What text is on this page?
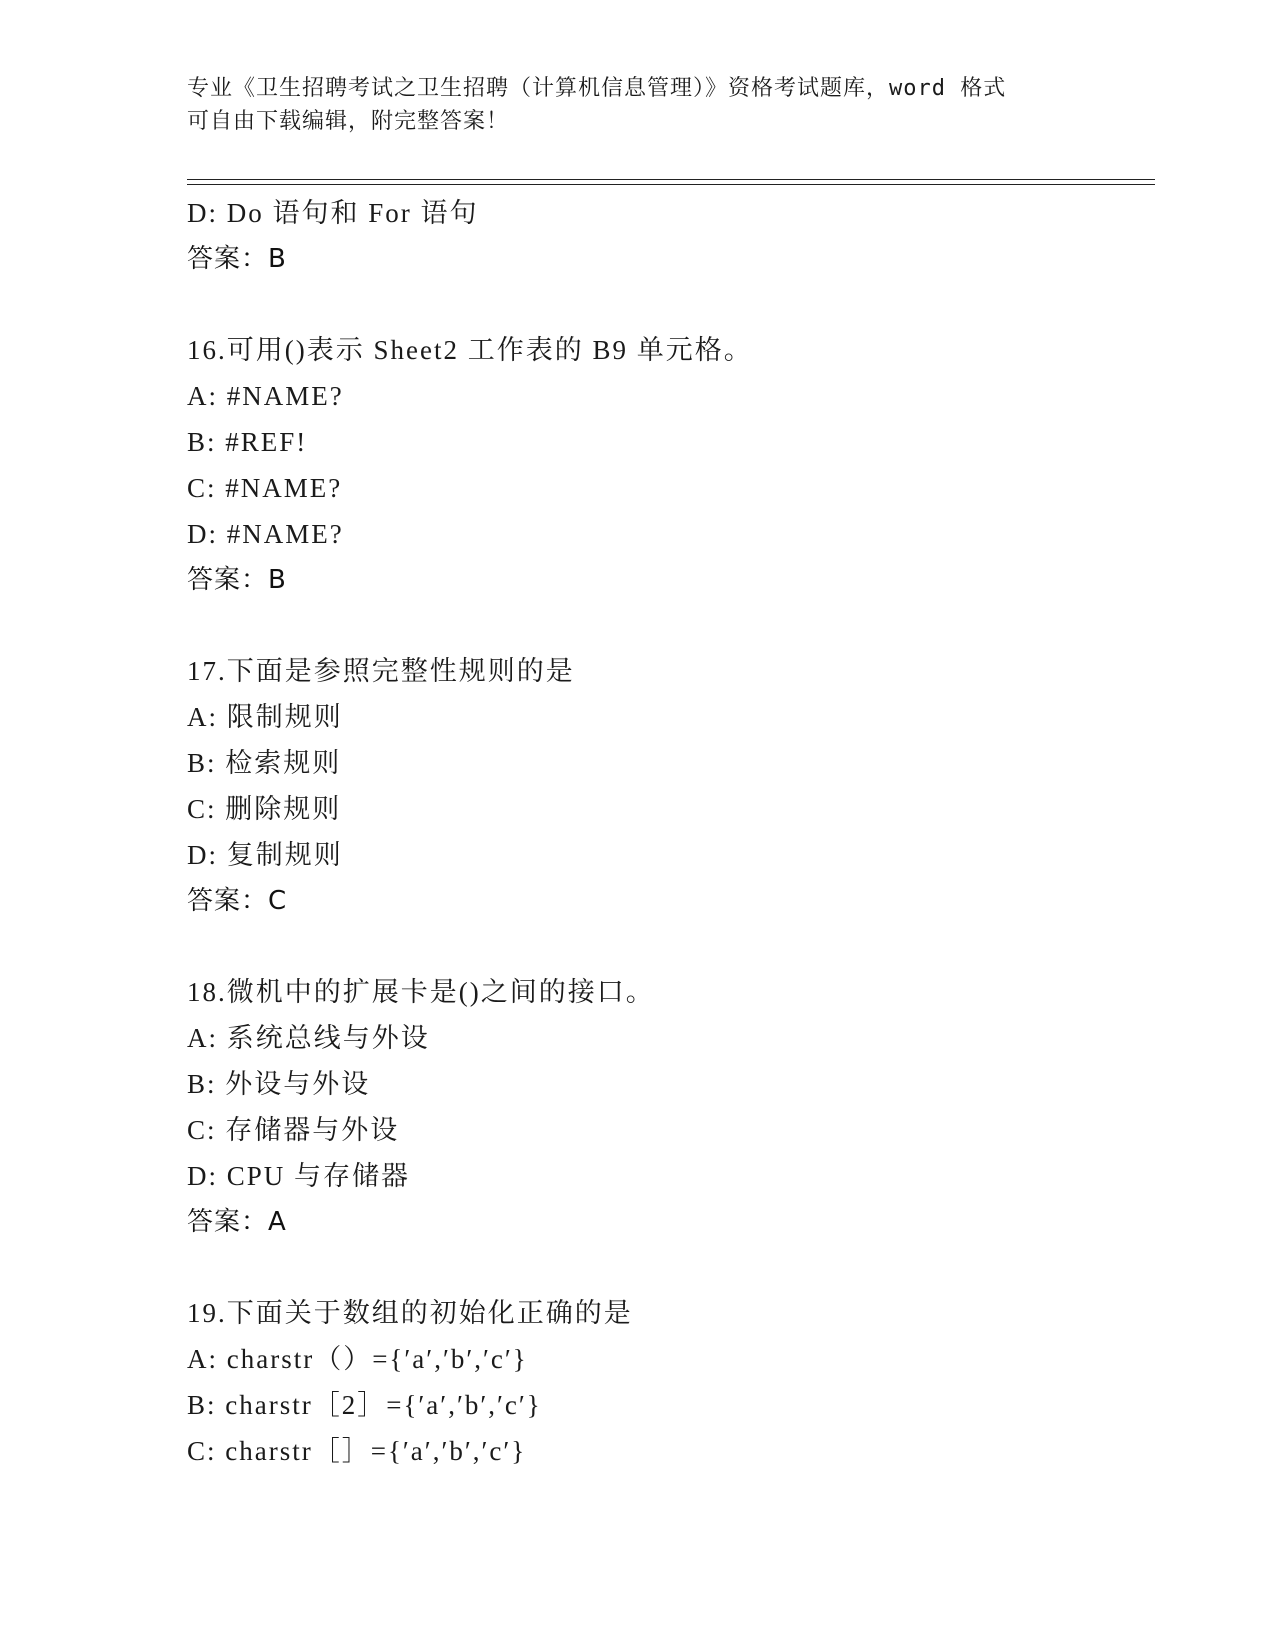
专业《卫生招聘考试之卫生招聘（计算机信息管理）》资格考试题库，word 格式
可自由下载编辑，附完整答案！
D: Do 语句和 For 语句
答案：B
16.可用()表示 Sheet2 工作表的 B9 单元格。
A: #NAME?
B: #REF!
C: #NAME?
D: #NAME?
答案：B
17.下面是参照完整性规则的是
A: 限制规则
B: 检索规则
C: 删除规则
D: 复制规则
答案：C
18.微机中的扩展卡是()之间的接口。
A: 系统总线与外设
B: 外设与外设
C: 存储器与外设
D: CPU 与存储器
答案：A
19.下面关于数组的初始化正确的是
A: charstr（）={′a′,′b′,′c′}
B: charstr［2］={′a′,′b′,′c′}
C: charstr［］={′a′,′b′,′c′}
